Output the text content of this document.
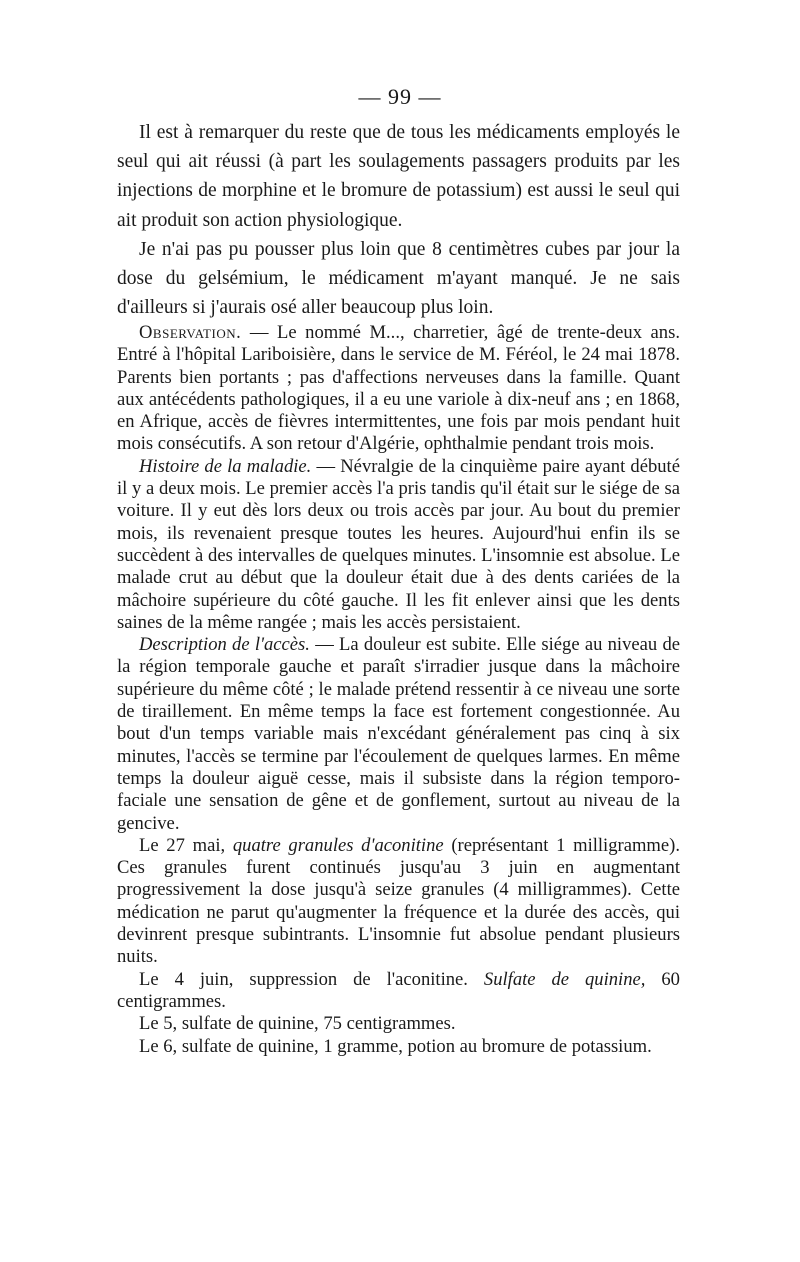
— 99 —

Il est à remarquer du reste que de tous les médicaments employés le seul qui ait réussi (à part les soulagements passagers produits par les injections de morphine et le bromure de potassium) est aussi le seul qui ait produit son action physiologique.

Je n'ai pas pu pousser plus loin que 8 centimètres cubes par jour la dose du gelsémium, le médicament m'ayant manqué. Je ne sais d'ailleurs si j'aurais osé aller beaucoup plus loin.

Observation. — Le nommé M..., charretier, âgé de trente-deux ans. Entré à l'hôpital Lariboisière, dans le service de M. Féréol, le 24 mai 1878. Parents bien portants ; pas d'affections nerveuses dans la famille. Quant aux antécédents pathologiques, il a eu une variole à dix-neuf ans ; en 1868, en Afrique, accès de fièvres intermittentes, une fois par mois pendant huit mois consécutifs. A son retour d'Algérie, ophthalmie pendant trois mois.

Histoire de la maladie. — Névralgie de la cinquième paire ayant débuté il y a deux mois. Le premier accès l'a pris tandis qu'il était sur le siége de sa voiture. Il y eut dès lors deux ou trois accès par jour. Au bout du premier mois, ils revenaient presque toutes les heures. Aujourd'hui enfin ils se succèdent à des intervalles de quelques minutes. L'insomnie est absolue. Le malade crut au début que la douleur était due à des dents cariées de la mâchoire supérieure du côté gauche. Il les fit enlever ainsi que les dents saines de la même rangée ; mais les accès persistaient.

Description de l'accès. — La douleur est subite. Elle siége au niveau de la région temporale gauche et paraît s'irradier jusque dans la mâchoire supérieure du même côté ; le malade prétend ressentir à ce niveau une sorte de tiraillement. En même temps la face est fortement congestionnée. Au bout d'un temps variable mais n'excédant généralement pas cinq à six minutes, l'accès se termine par l'écoulement de quelques larmes. En même temps la douleur aiguë cesse, mais il subsiste dans la région temporo-faciale une sensation de gêne et de gonflement, surtout au niveau de la gencive.

Le 27 mai, quatre granules d'aconitine (représentant 1 milligramme). Ces granules furent continués jusqu'au 3 juin en augmentant progressivement la dose jusqu'à seize granules (4 milligrammes). Cette médication ne parut qu'augmenter la fréquence et la durée des accès, qui devinrent presque subintrants. L'insomnie fut absolue pendant plusieurs nuits.

Le 4 juin, suppression de l'aconitine. Sulfate de quinine, 60 centigrammes.

Le 5, sulfate de quinine, 75 centigrammes.

Le 6, sulfate de quinine, 1 gramme, potion au bromure de potassium.
